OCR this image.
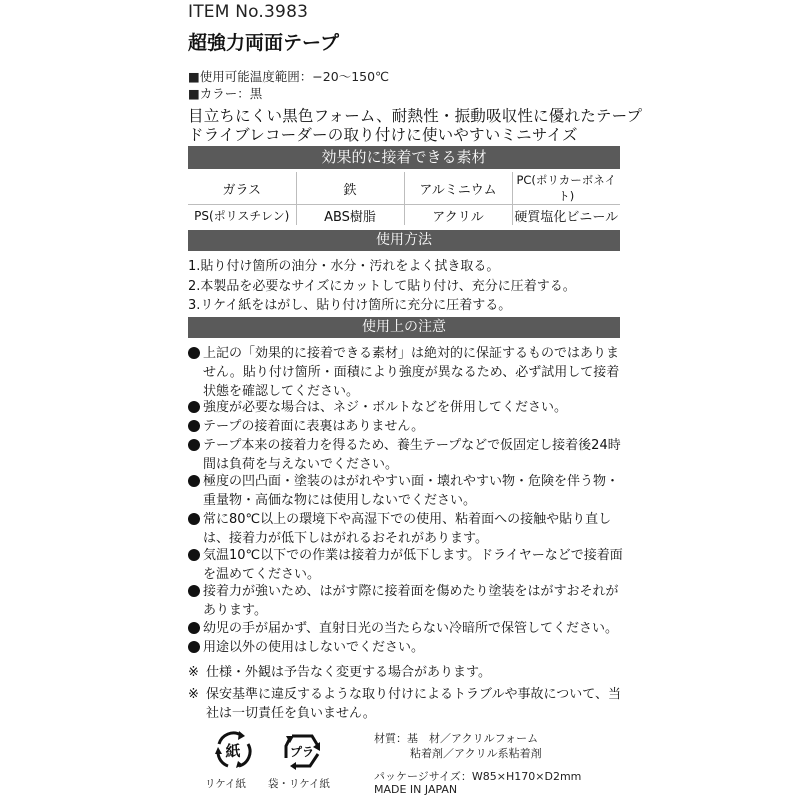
ITEM No.3983
超強力両面テープ
■使用可能温度範囲：−20〜150℃
■カラー：黒
目立ちにくい黒色フォーム、耐熱性・振動吸収性に優れたテープ
ドライブレコーダーの取り付けに使いやすいミニサイズ
効果的に接着できる素材
ガラス	鉄	アルミニウム	PC(ポリカーボネイト)
PS(ポリスチレン)	ABS樹脂	アクリル	硬質塩化ビニール
使用方法
1.貼り付け箇所の油分・水分・汚れをよく拭き取る。
2.本製品を必要なサイズにカットして貼り付け、充分に圧着する。
3.リケイ紙をはがし、貼り付け箇所に充分に圧着する。
使用上の注意
上記の「効果的に接着できる素材」は絶対的に保証するものではありません。貼り付け箇所・面積により強度が異なるため、必ず試用して接着状態を確認してください。
強度が必要な場合は、ネジ・ボルトなどを併用してください。
テープの接着面に表裏はありません。
テープ本来の接着力を得るため、養生テープなどで仮固定し接着後24時間は負荷を与えないでください。
極度の凹凸面・塗装のはがれやすい面・壊れやすい物・危険を伴う物・重量物・高価な物には使用しないでください。
常に80℃以上の環境下や高湿下での使用、粘着面への接触や貼り直しは、接着力が低下しはがれるおそれがあります。
気温10℃以下での作業は接着力が低下します。ドライヤーなどで接着面を温めてください。
接着力が強いため、はがす際に接着面を傷めたり塗装をはがすおそれがあります。
幼児の手が届かず、直射日光の当たらない冷暗所で保管してください。
用途以外の使用はしないでください。
※ 仕様・外観は予告なく変更する場合があります。
※ 保安基準に違反するような取り付けによるトラブルや事故について、当社は一切責任を負いません。
紙
リケイ紙
プラ
袋・リケイ紙
材質：基　材／アクリルフォーム
粘着剤／アクリル系粘着剤
パッケージサイズ：W85×H170×D2mm
MADE IN JAPAN
